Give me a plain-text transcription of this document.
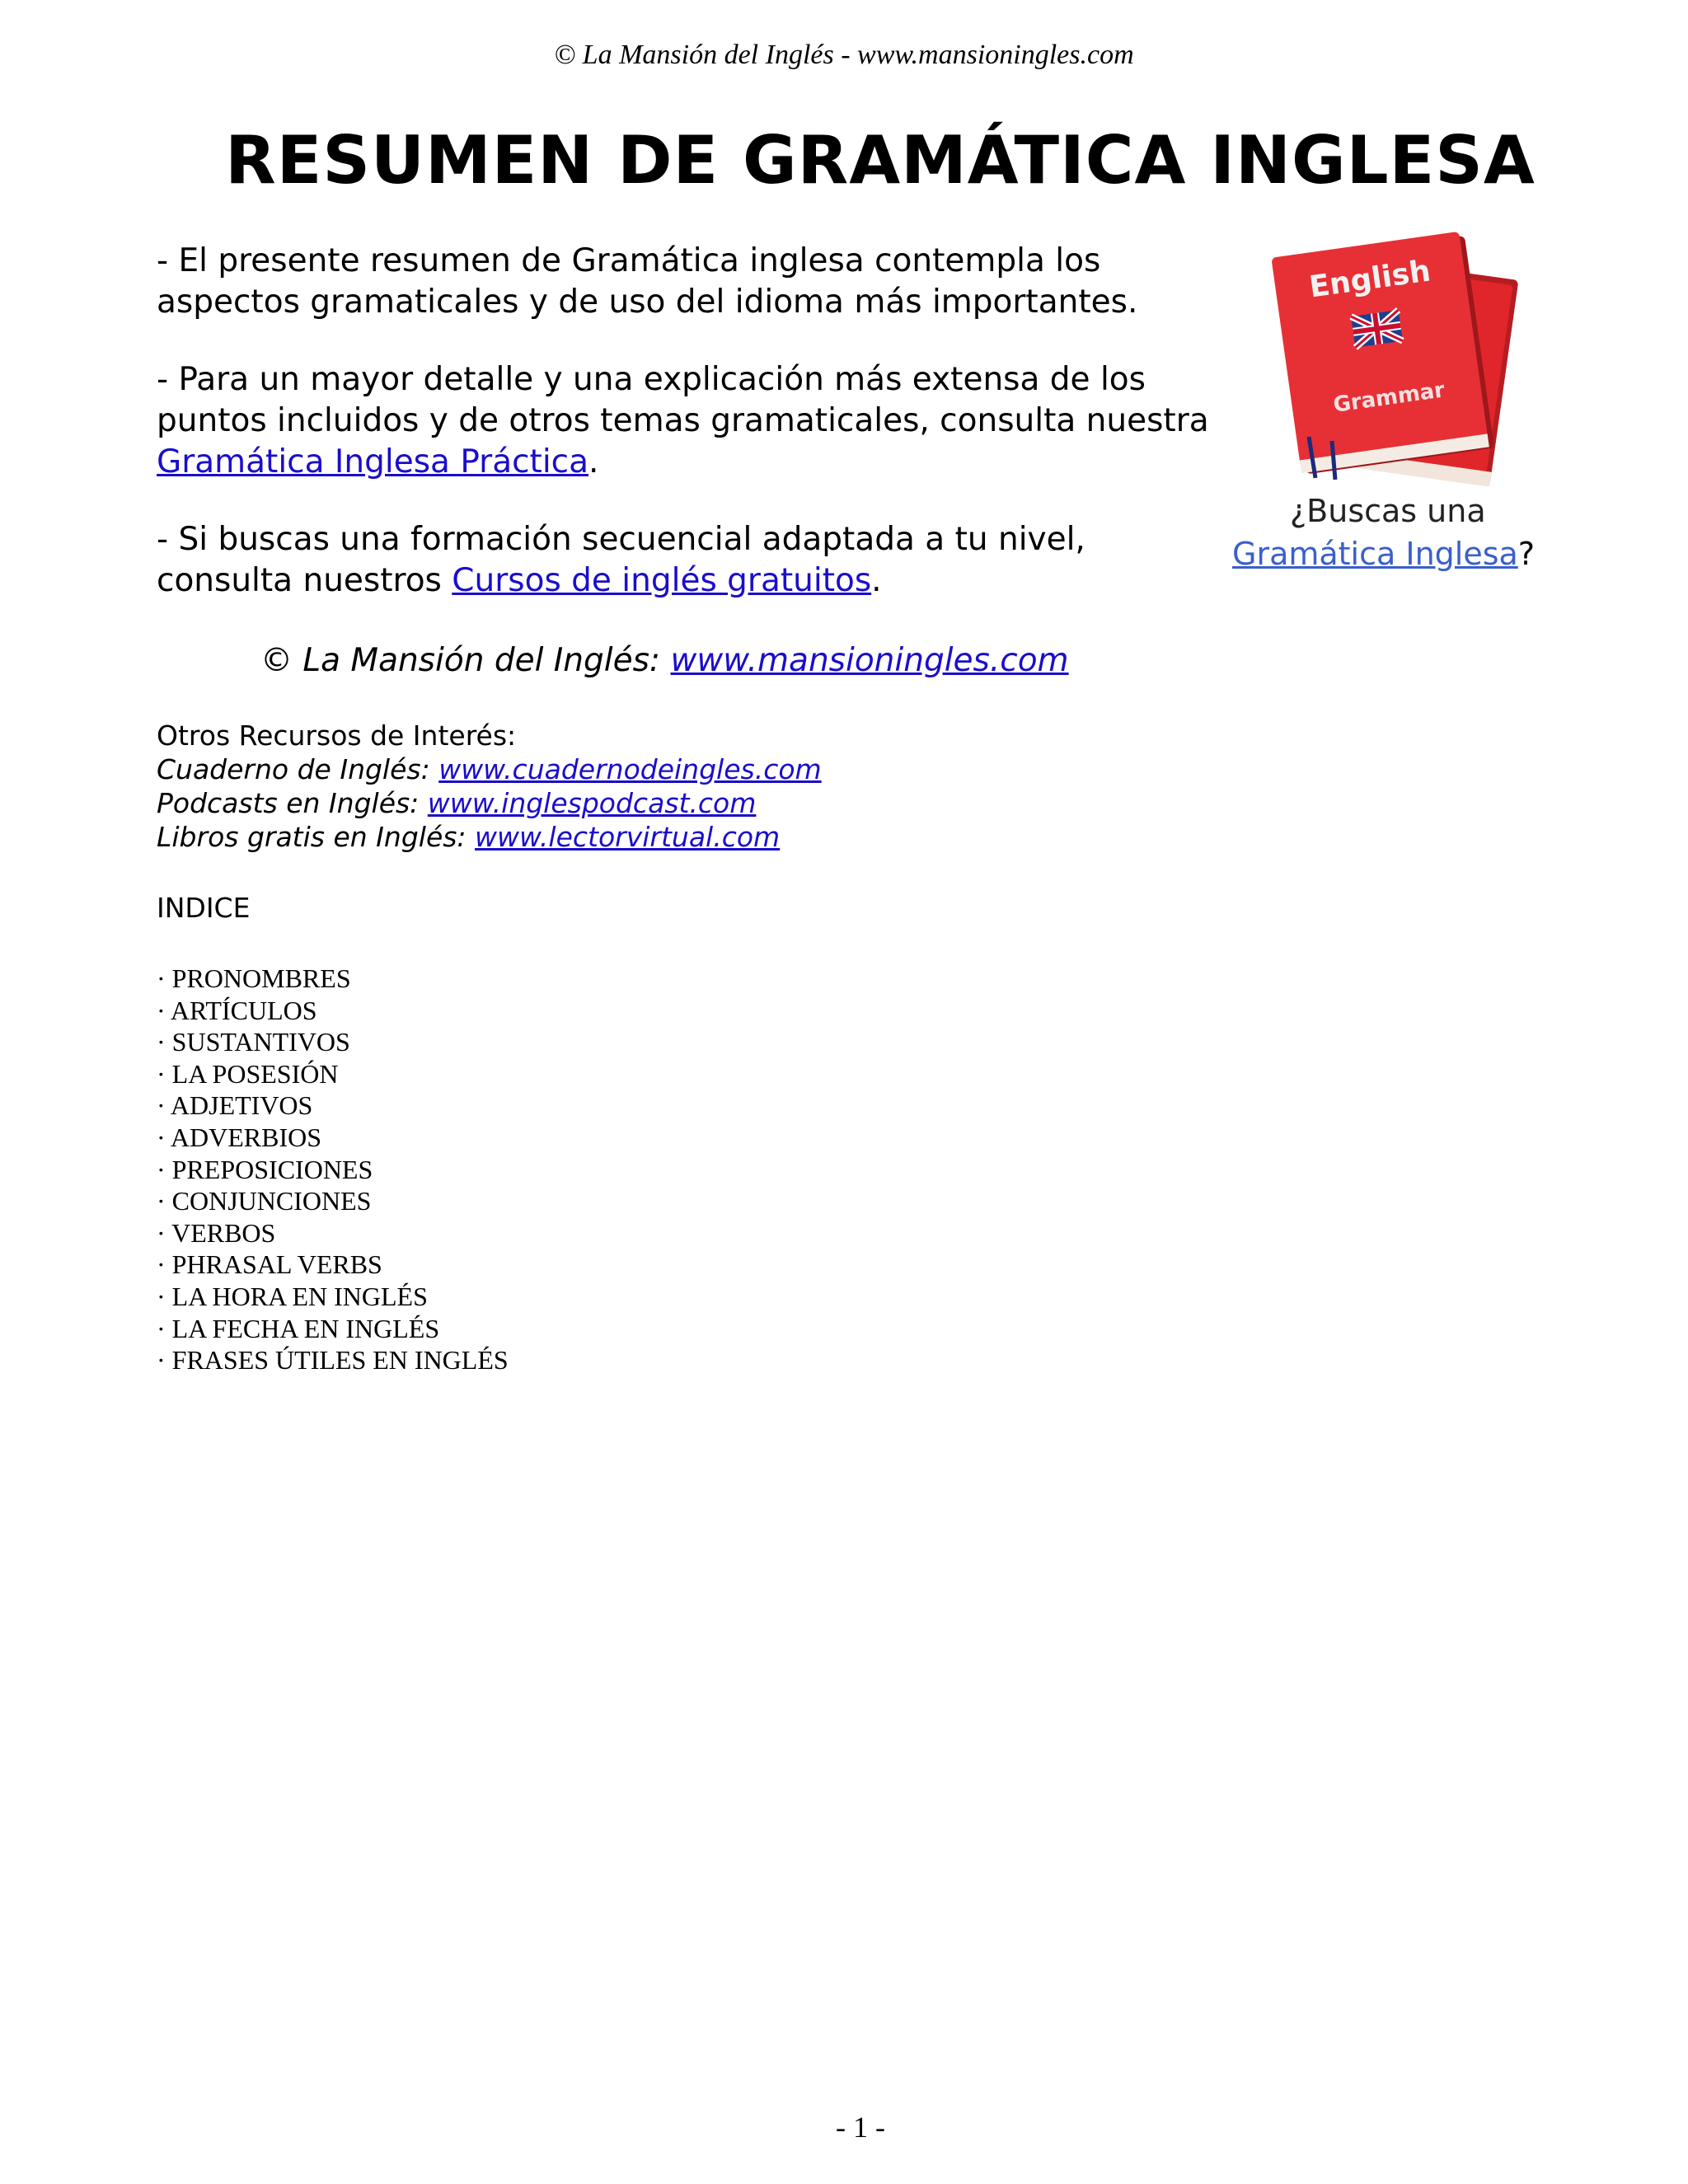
© La Mansión del Inglés - www.mansioningles.com
RESUMEN DE GRAMÁTICA INGLESA

- El presente resumen de Gramática inglesa contempla los aspectos gramaticales y de uso del idioma más importantes.

- Para un mayor detalle y una explicación más extensa de los puntos incluidos y de otros temas gramaticales, consulta nuestra Gramática Inglesa Práctica.

- Si buscas una formación secuencial adaptada a tu nivel, consulta nuestros Cursos de inglés gratuitos.

© La Mansión del Inglés: www.mansioningles.com
English
Grammar
¿Buscas una
Gramática Inglesa?
Otros Recursos de Interés:
Cuaderno de Inglés: www.cuadernodeingles.com
Podcasts en Inglés: www.inglespodcast.com
Libros gratis en Inglés: www.lectorvirtual.com
INDICE
· PRONOMBRES
· ARTÍCULOS
· SUSTANTIVOS
· LA POSESIÓN
· ADJETIVOS
· ADVERBIOS
· PREPOSICIONES
· CONJUNCIONES
· VERBOS
· PHRASAL VERBS
· LA HORA EN INGLÉS
· LA FECHA EN INGLÉS
· FRASES ÚTILES EN INGLÉS
- 1 -
